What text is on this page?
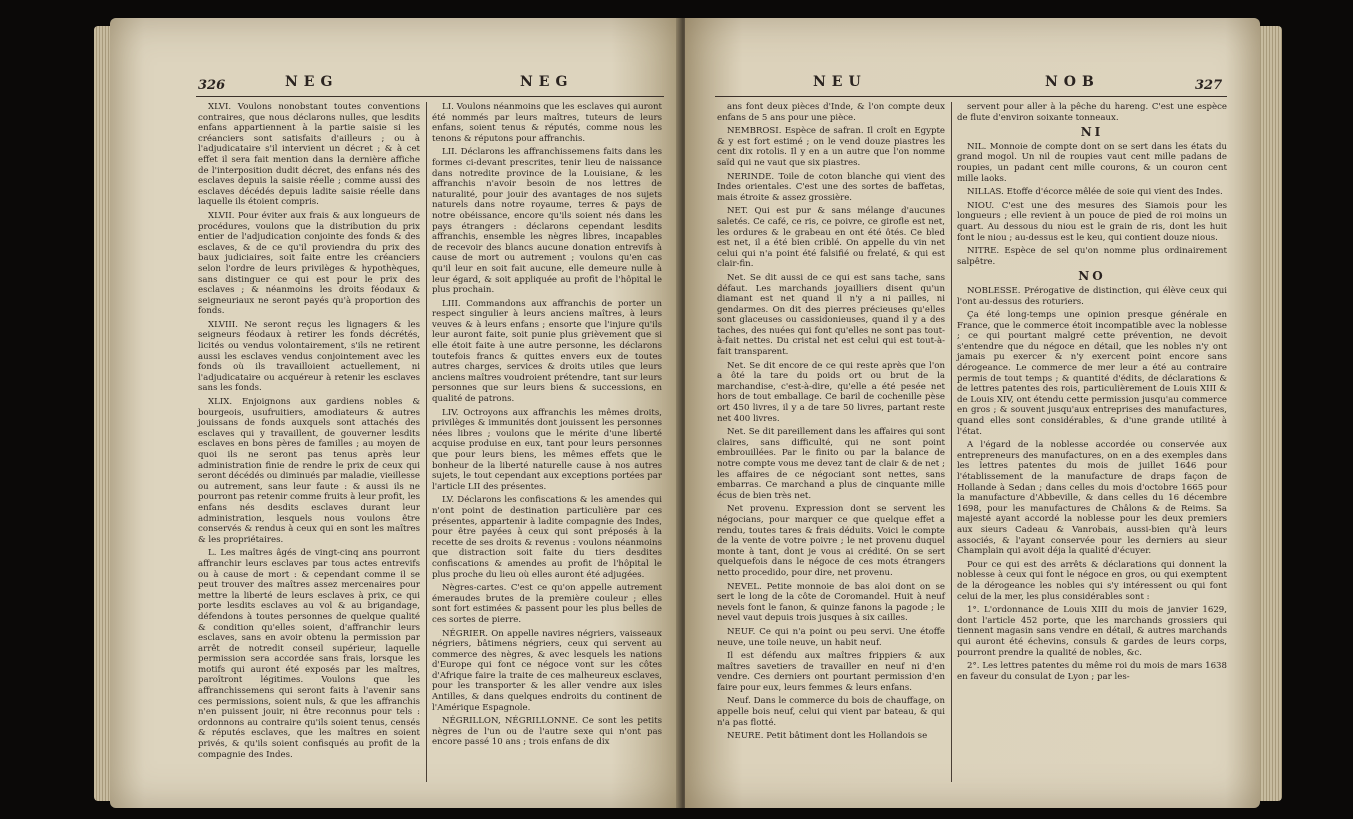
326	NEG	NEG

XLVI. Voulons nonobstant toutes conventions contraires, que nous déclarons nulles, que lesdits enfans appartiennent à la partie saisie si les créanciers sont satisfaits d'ailleurs ; ou à l'adjudicataire s'il intervient un décret ; & à cet effet il sera fait mention dans la dernière affiche de l'interposition dudit décret, des enfans nés des esclaves depuis la saisie réelle ; comme aussi des esclaves décédés depuis ladite saisie réelle dans laquelle ils étoient compris.

XLVII. Pour éviter aux frais & aux longueurs de procédures, voulons que la distribution du prix entier de l'adjudication conjointe des fonds & des esclaves, & de ce qu'il proviendra du prix des baux judiciaires, soit faite entre les créanciers selon l'ordre de leurs privilèges & hypothèques, sans distinguer ce qui est pour le prix des esclaves ; & néanmoins les droits féodaux & seigneuriaux ne seront payés qu'à proportion des fonds.

XLVIII. Ne seront reçus les lignagers & les seigneurs féodaux à retirer les fonds décrétés, licités ou vendus volontairement, s'ils ne retirent aussi les esclaves vendus conjointement avec les fonds où ils travailloient actuellement, ni l'adjudicataire ou acquéreur à retenir les esclaves sans les fonds.

XLIX. Enjoignons aux gardiens nobles & bourgeois, usufruitiers, amodiateurs & autres jouissans de fonds auxquels sont attachés des esclaves qui y travaillent, de gouverner lesdits esclaves en bons pères de familles ; au moyen de quoi ils ne seront pas tenus après leur administration finie de rendre le prix de ceux qui seront décédés ou diminués par maladie, vieillesse ou autrement, sans leur faute : & aussi ils ne pourront pas retenir comme fruits à leur profit, les enfans nés desdits esclaves durant leur administration, lesquels nous voulons être conservés & rendus à ceux qui en sont les maîtres & les propriétaires.

L. Les maîtres âgés de vingt-cinq ans pourront affranchir leurs esclaves par tous actes entrevifs ou à cause de mort : & cependant comme il se peut trouver des maîtres assez mercenaires pour mettre la liberté de leurs esclaves à prix, ce qui porte lesdits esclaves au vol & au brigandage, défendons à toutes personnes de quelque qualité & condition qu'elles soient, d'affranchir leurs esclaves, sans en avoir obtenu la permission par arrêt de notredit conseil supérieur, laquelle permission sera accordée sans frais, lorsque les motifs qui auront été exposés par les maîtres, paroîtront légitimes. Voulons que les affranchissemens qui seront faits à l'avenir sans ces permissions, soient nuls, & que les affranchis n'en puissent jouir, ni être reconnus pour tels : ordonnons au contraire qu'ils soient tenus, censés & réputés esclaves, que les maîtres en soient privés, & qu'ils soient confisqués au profit de la compagnie des Indes.

LI. Voulons néanmoins que les esclaves qui auront été nommés par leurs maîtres, tuteurs de leurs enfans, soient tenus & réputés, comme nous les tenons & réputons pour affranchis.

LII. Déclarons les affranchissemens faits dans les formes ci-devant prescrites, tenir lieu de naissance dans notredite province de la Louisiane, & les affranchis n'avoir besoin de nos lettres de naturalité, pour jouir des avantages de nos sujets naturels dans notre royaume, terres & pays de notre obéissance, encore qu'ils soient nés dans les pays étrangers : déclarons cependant lesdits affranchis, ensemble les nègres libres, incapables de recevoir des blancs aucune donation entrevifs à cause de mort ou autrement ; voulons qu'en cas qu'il leur en soit fait aucune, elle demeure nulle à leur égard, & soit appliquée au profit de l'hôpital le plus prochain.

LIII. Commandons aux affranchis de porter un respect singulier à leurs anciens maîtres, à leurs veuves & à leurs enfans ; ensorte que l'injure qu'ils leur auront faite, soit punie plus grièvement que si elle étoit faite à une autre personne, les déclarons toutefois francs & quittes envers eux de toutes autres charges, services & droits utiles que leurs anciens maîtres voudroient prétendre, tant sur leurs personnes que sur leurs biens & successions, en qualité de patrons.

LIV. Octroyons aux affranchis les mêmes droits, privilèges & immunités dont jouissent les personnes nées libres ; voulons que le mérite d'une liberté acquise produise en eux, tant pour leurs personnes que pour leurs biens, les mêmes effets que le bonheur de la liberté naturelle cause à nos autres sujets, le tout cependant aux exceptions portées par l'article LII des présentes.

LV. Déclarons les confiscations & les amendes qui n'ont point de destination particulière par ces présentes, appartenir à ladite compagnie des Indes, pour être payées à ceux qui sont préposés à la recette de ses droits & revenus : voulons néanmoins que distraction soit faite du tiers desdites confiscations & amendes au profit de l'hôpital le plus proche du lieu où elles auront été adjugées.

Nègres-cartes. C'est ce qu'on appelle autrement émeraudes brutes de la première couleur ; elles sont fort estimées & passent pour les plus belles de ces sortes de pierre.

NÉGRIER. On appelle navires négriers, vaisseaux négriers, bâtimens négriers, ceux qui servent au commerce des nègres, & avec lesquels les nations d'Europe qui font ce négoce vont sur les côtes d'Afrique faire la traite de ces malheureux esclaves, pour les transporter & les aller vendre aux isles Antilles, & dans quelques endroits du continent de l'Amérique Espagnole.

NÉGRILLON, NÉGRILLONNE. Ce sont les petits nègres de l'un ou de l'autre sexe qui n'ont pas encore passé 10 ans ; trois enfans de dix

NEU	NOB	327

ans font deux pièces d'Inde, & l'on compte deux enfans de 5 ans pour une pièce.

NEMBROSI. Espèce de safran. Il croît en Egypte & y est fort estimé ; on le vend douze piastres les cent dix rotolis. Il y en a un autre que l'on nomme saïd qui ne vaut que six piastres.

NERINDE. Toile de coton blanche qui vient des Indes orientales. C'est une des sortes de baffetas, mais étroite & assez grossière.

NET. Qui est pur & sans mélange d'aucunes saletés. Ce café, ce ris, ce poivre, ce girofle est net, les ordures & le grabeau en ont été ôtés. Ce bled est net, il a été bien criblé. On appelle du vin net celui qui n'a point été falsifié ou frelaté, & qui est clair-fin.

Net. Se dit aussi de ce qui est sans tache, sans défaut. Les marchands joyailliers disent qu'un diamant est net quand il n'y a ni pailles, ni gendarmes. On dit des pierres précieuses qu'elles sont glaceuses ou cassidonieuses, quand il y a des taches, des nuées qui font qu'elles ne sont pas tout-à-fait nettes. Du cristal net est celui qui est tout-à-fait transparent.

Net. Se dit encore de ce qui reste après que l'on a ôté la tare du poids ort ou brut de la marchandise, c'est-à-dire, qu'elle a été pesée net hors de tout emballage. Ce baril de cochenille pèse ort 450 livres, il y a de tare 50 livres, partant reste net 400 livres.

Net. Se dit pareillement dans les affaires qui sont claires, sans difficulté, qui ne sont point embrouillées. Par le finito ou par la balance de notre compte vous me devez tant de clair & de net ; les affaires de ce négociant sont nettes, sans embarras. Ce marchand a plus de cinquante mille écus de bien très net.

Net provenu. Expression dont se servent les négocians, pour marquer ce que quelque effet a rendu, toutes tares & frais déduits. Voici le compte de la vente de votre poivre ; le net provenu duquel monte à tant, dont je vous ai crédité. On se sert quelquefois dans le négoce de ces mots étrangers netto procedido, pour dire, net provenu.

NEVEL. Petite monnoie de bas aloi dont on se sert le long de la côte de Coromandel. Huit à neuf nevels font le fanon, & quinze fanons la pagode ; le nevel vaut depuis trois jusques à six cailles.

NEUF. Ce qui n'a point ou peu servi. Une étoffe neuve, une toile neuve, un habit neuf.

Il est défendu aux maîtres frippiers & aux maîtres savetiers de travailler en neuf ni d'en vendre. Ces derniers ont pourtant permission d'en faire pour eux, leurs femmes & leurs enfans.

Neuf. Dans le commerce du bois de chauffage, on appelle bois neuf, celui qui vient par bateau, & qui n'a pas flotté.

NEURE. Petit bâtiment dont les Hollandois se

servent pour aller à la pêche du hareng. C'est une espèce de flute d'environ soixante tonneaux.

NI

NIL. Monnoie de compte dont on se sert dans les états du grand mogol. Un nil de roupies vaut cent mille padans de roupies, un padant cent mille courons, & un couron cent mille laoks.

NILLAS. Etoffe d'écorce mêlée de soie qui vient des Indes.

NIOU. C'est une des mesures des Siamois pour les longueurs ; elle revient à un pouce de pied de roi moins un quart. Au dessous du niou est le grain de ris, dont les huit font le niou ; au-dessus est le keu, qui contient douze nious.

NITRE. Espèce de sel qu'on nomme plus ordinairement salpêtre.

NO

NOBLESSE. Prérogative de distinction, qui élève ceux qui l'ont au-dessus des roturiers.

Ça été long-temps une opinion presque générale en France, que le commerce étoit incompatible avec la noblesse ; ce qui pourtant malgré cette prévention, ne devoit s'entendre que du négoce en détail, que les nobles n'y ont jamais pu exercer & n'y exercent point encore sans dérogeance. Le commerce de mer leur a été au contraire permis de tout temps ; & quantité d'édits, de déclarations & de lettres patentes des rois, particulièrement de Louis XIII & de Louis XIV, ont étendu cette permission jusqu'au commerce en gros ; & souvent jusqu'aux entreprises des manufactures, quand elles sont considérables, & d'une grande utilité à l'état.

A l'égard de la noblesse accordée ou conservée aux entrepreneurs des manufactures, on en a des exemples dans les lettres patentes du mois de juillet 1646 pour l'établissement de la manufacture de draps façon de Hollande à Sedan ; dans celles du mois d'octobre 1665 pour la manufacture d'Abbeville, & dans celles du 16 décembre 1698, pour les manufactures de Châlons & de Reims. Sa majesté ayant accordé la noblesse pour les deux premiers aux sieurs Cadeau & Vanrobais, aussi-bien qu'à leurs associés, & l'ayant conservée pour les derniers au sieur Champlain qui avoit déja la qualité d'écuyer.

Pour ce qui est des arrêts & déclarations qui donnent la noblesse à ceux qui font le négoce en gros, ou qui exemptent de la dérogeance les nobles qui s'y intéressent ou qui font celui de la mer, les plus considérables sont :

1°. L'ordonnance de Louis XIII du mois de janvier 1629, dont l'article 452 porte, que les marchands grossiers qui tiennent magasin sans vendre en détail, & autres marchands qui auront été échevins, consuls & gardes de leurs corps, pourront prendre la qualité de nobles, &c.

2°. Les lettres patentes du même roi du mois de mars 1638 en faveur du consulat de Lyon ; par les-
